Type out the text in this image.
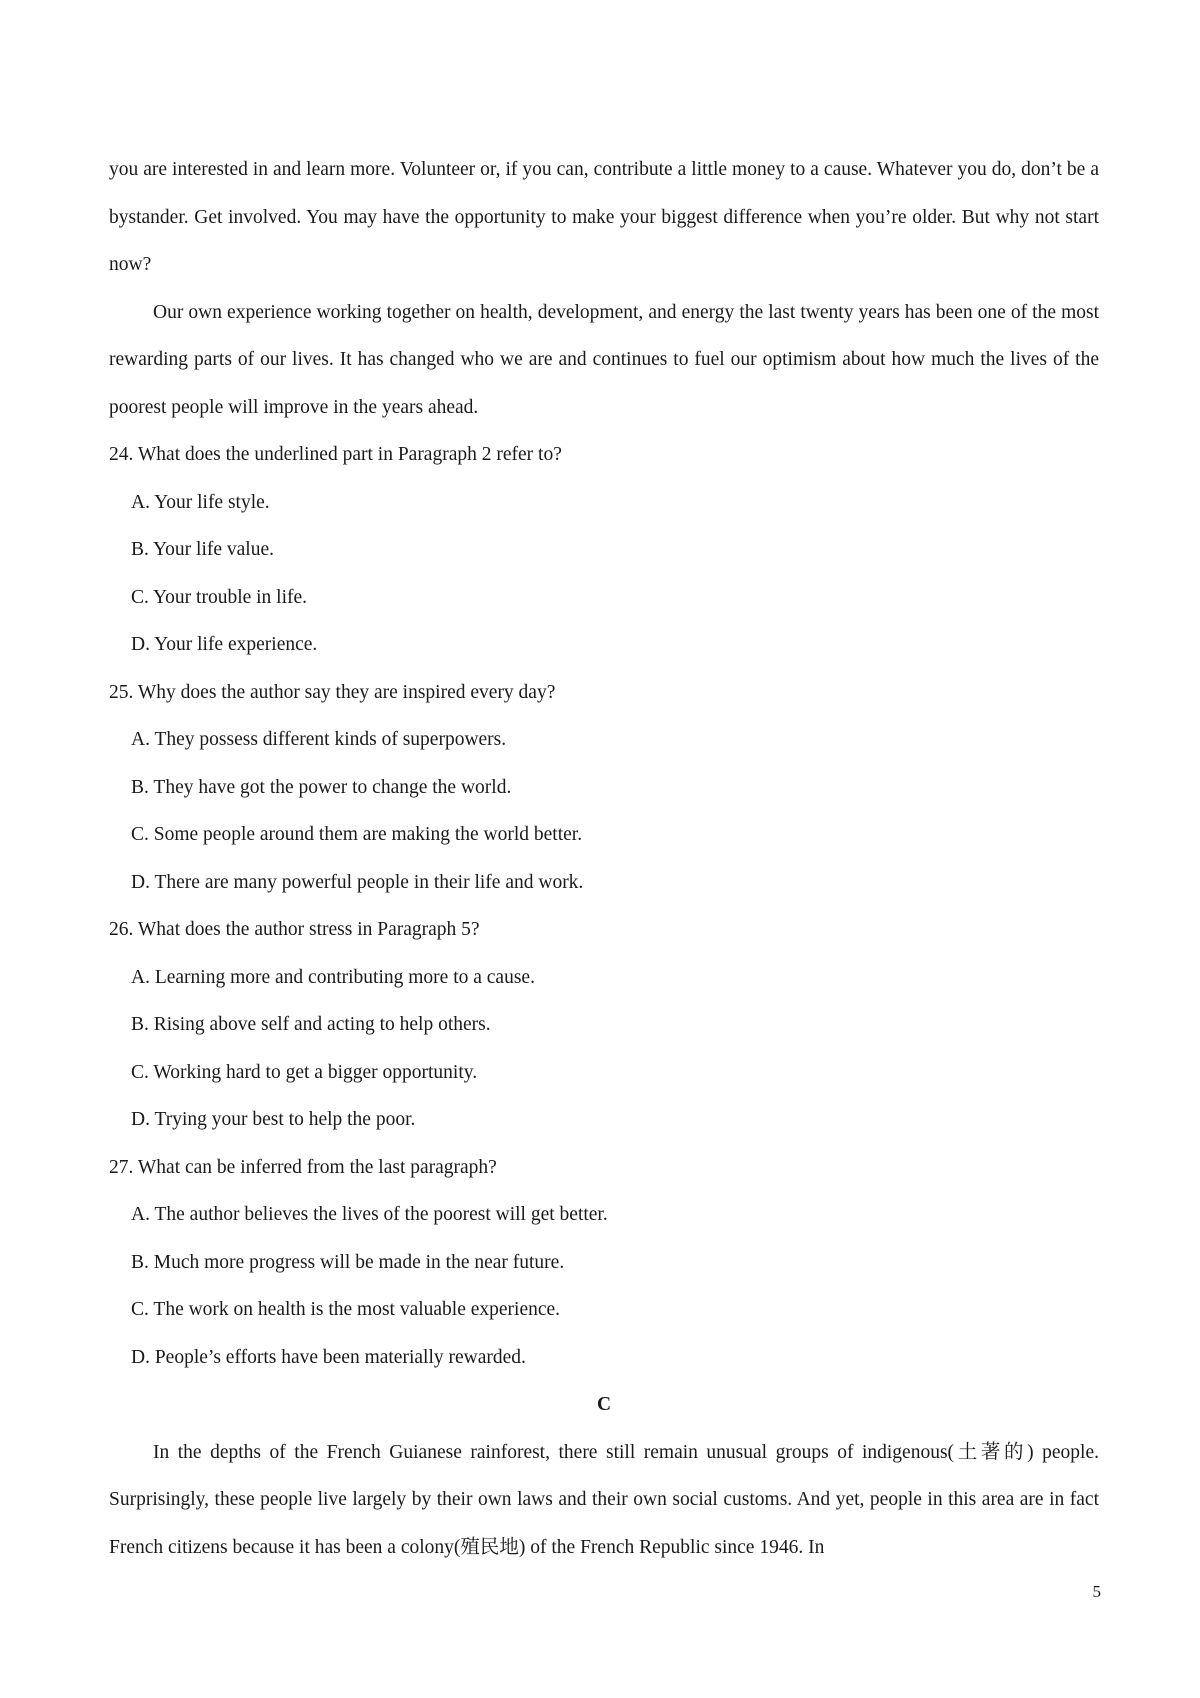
you are interested in and learn more. Volunteer or, if you can, contribute a little money to a cause. Whatever you do, don’t be a bystander. Get involved. You may have the opportunity to make your biggest difference when you’re older. But why not start now?

Our own experience working together on health, development, and energy the last twenty years has been one of the most rewarding parts of our lives. It has changed who we are and continues to fuel our optimism about how much the lives of the poorest people will improve in the years ahead.

24. What does the underlined part in Paragraph 2 refer to?

A. Your life style.

B. Your life value.

C. Your trouble in life.

D. Your life experience.

25. Why does the author say they are inspired every day?

A. They possess different kinds of superpowers.

B. They have got the power to change the world.

C. Some people around them are making the world better.

D. There are many powerful people in their life and work.

26. What does the author stress in Paragraph 5?

A. Learning more and contributing more to a cause.

B. Rising above self and acting to help others.

C. Working hard to get a bigger opportunity.

D. Trying your best to help the poor.

27. What can be inferred from the last paragraph?

A. The author believes the lives of the poorest will get better.

B. Much more progress will be made in the near future.

C. The work on health is the most valuable experience.

D. People’s efforts have been materially rewarded.

C

In the depths of the French Guianese rainforest, there still remain unusual groups of indigenous(土著的) people. Surprisingly, these people live largely by their own laws and their own social customs. And yet, people in this area are in fact French citizens because it has been a colony(殖民地) of the French Republic since 1946. In

5
